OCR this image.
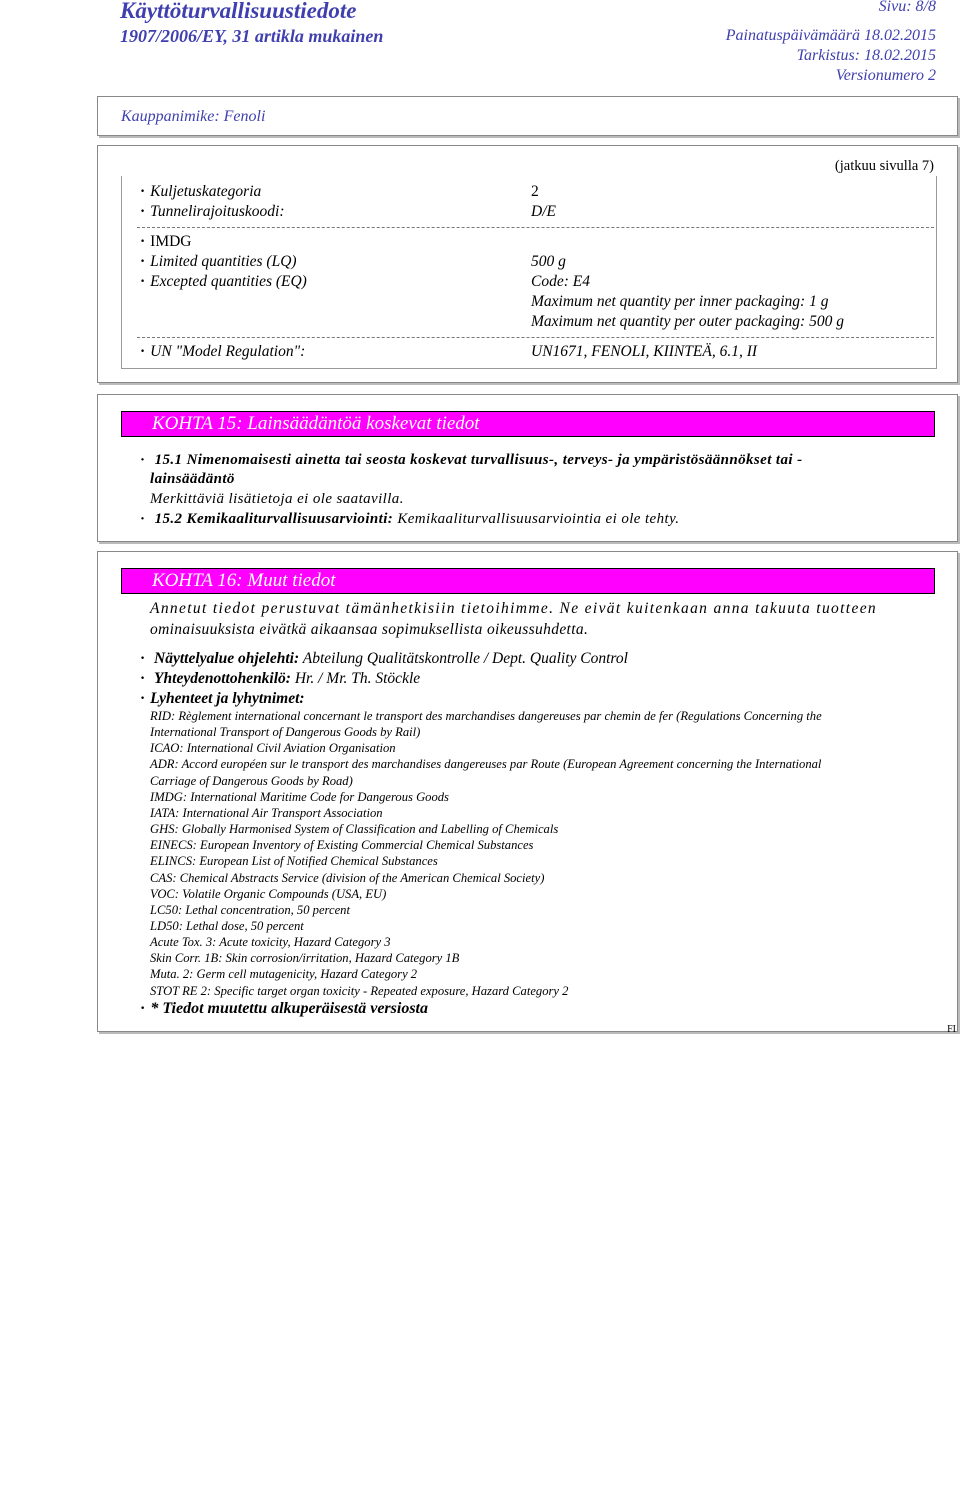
Käyttöturvallisuustiedote
1907/2006/EY, 31 artikla mukainen
Sivu: 8/8
Painatuspäivämäärä 18.02.2015
Tarkistus: 18.02.2015
Versionumero 2
Kauppanimike: Fenoli
(jatkuu sivulla 7)
· Kuljetuskategoria	2
· Tunnelirajoituskoodi:	D/E
· IMDG
· Limited quantities (LQ)	500 g
· Excepted quantities (EQ)	Code: E4
Maximum net quantity per inner packaging: 1 g
Maximum net quantity per outer packaging: 500 g
· UN "Model Regulation":	UN1671, FENOLI, KIINTEÄ, 6.1, II
KOHTA 15: Lainsäädäntöä koskevat tiedot
· 15.1 Nimenomaisesti ainetta tai seosta koskevat turvallisuus-, terveys- ja ympäristösäännökset tai -
lainsäädäntö
Merkittäviä lisätietoja ei ole saatavilla.
· 15.2 Kemikaaliturvallisuusarviointi: Kemikaaliturvallisuusarviointia ei ole tehty.
KOHTA 16: Muut tiedot
Annetut tiedot perustuvat tämänhetkisiin tietoihimme. Ne eivät kuitenkaan anna takuuta tuotteen
ominaisuuksista eivätkä aikaansaa sopimuksellista oikeussuhdetta.
· Näyttelyalue ohjelehti: Abteilung Qualitätskontrolle / Dept. Quality Control
· Yhteydenottohenkilö: Hr. / Mr. Th. Stöckle
· Lyhenteet ja lyhytnimet:
RID: Règlement international concernant le transport des marchandises dangereuses par chemin de fer (Regulations Concerning the
International Transport of Dangerous Goods by Rail)
ICAO: International Civil Aviation Organisation
ADR: Accord européen sur le transport des marchandises dangereuses par Route (European Agreement concerning the International
Carriage of Dangerous Goods by Road)
IMDG: International Maritime Code for Dangerous Goods
IATA: International Air Transport Association
GHS: Globally Harmonised System of Classification and Labelling of Chemicals
EINECS: European Inventory of Existing Commercial Chemical Substances
ELINCS: European List of Notified Chemical Substances
CAS: Chemical Abstracts Service (division of the American Chemical Society)
VOC: Volatile Organic Compounds (USA, EU)
LC50: Lethal concentration, 50 percent
LD50: Lethal dose, 50 percent
Acute Tox. 3: Acute toxicity, Hazard Category 3
Skin Corr. 1B: Skin corrosion/irritation, Hazard Category 1B
Muta. 2: Germ cell mutagenicity, Hazard Category 2
STOT RE 2: Specific target organ toxicity - Repeated exposure, Hazard Category 2
· * Tiedot muutettu alkuperäisestä versiosta
FI
